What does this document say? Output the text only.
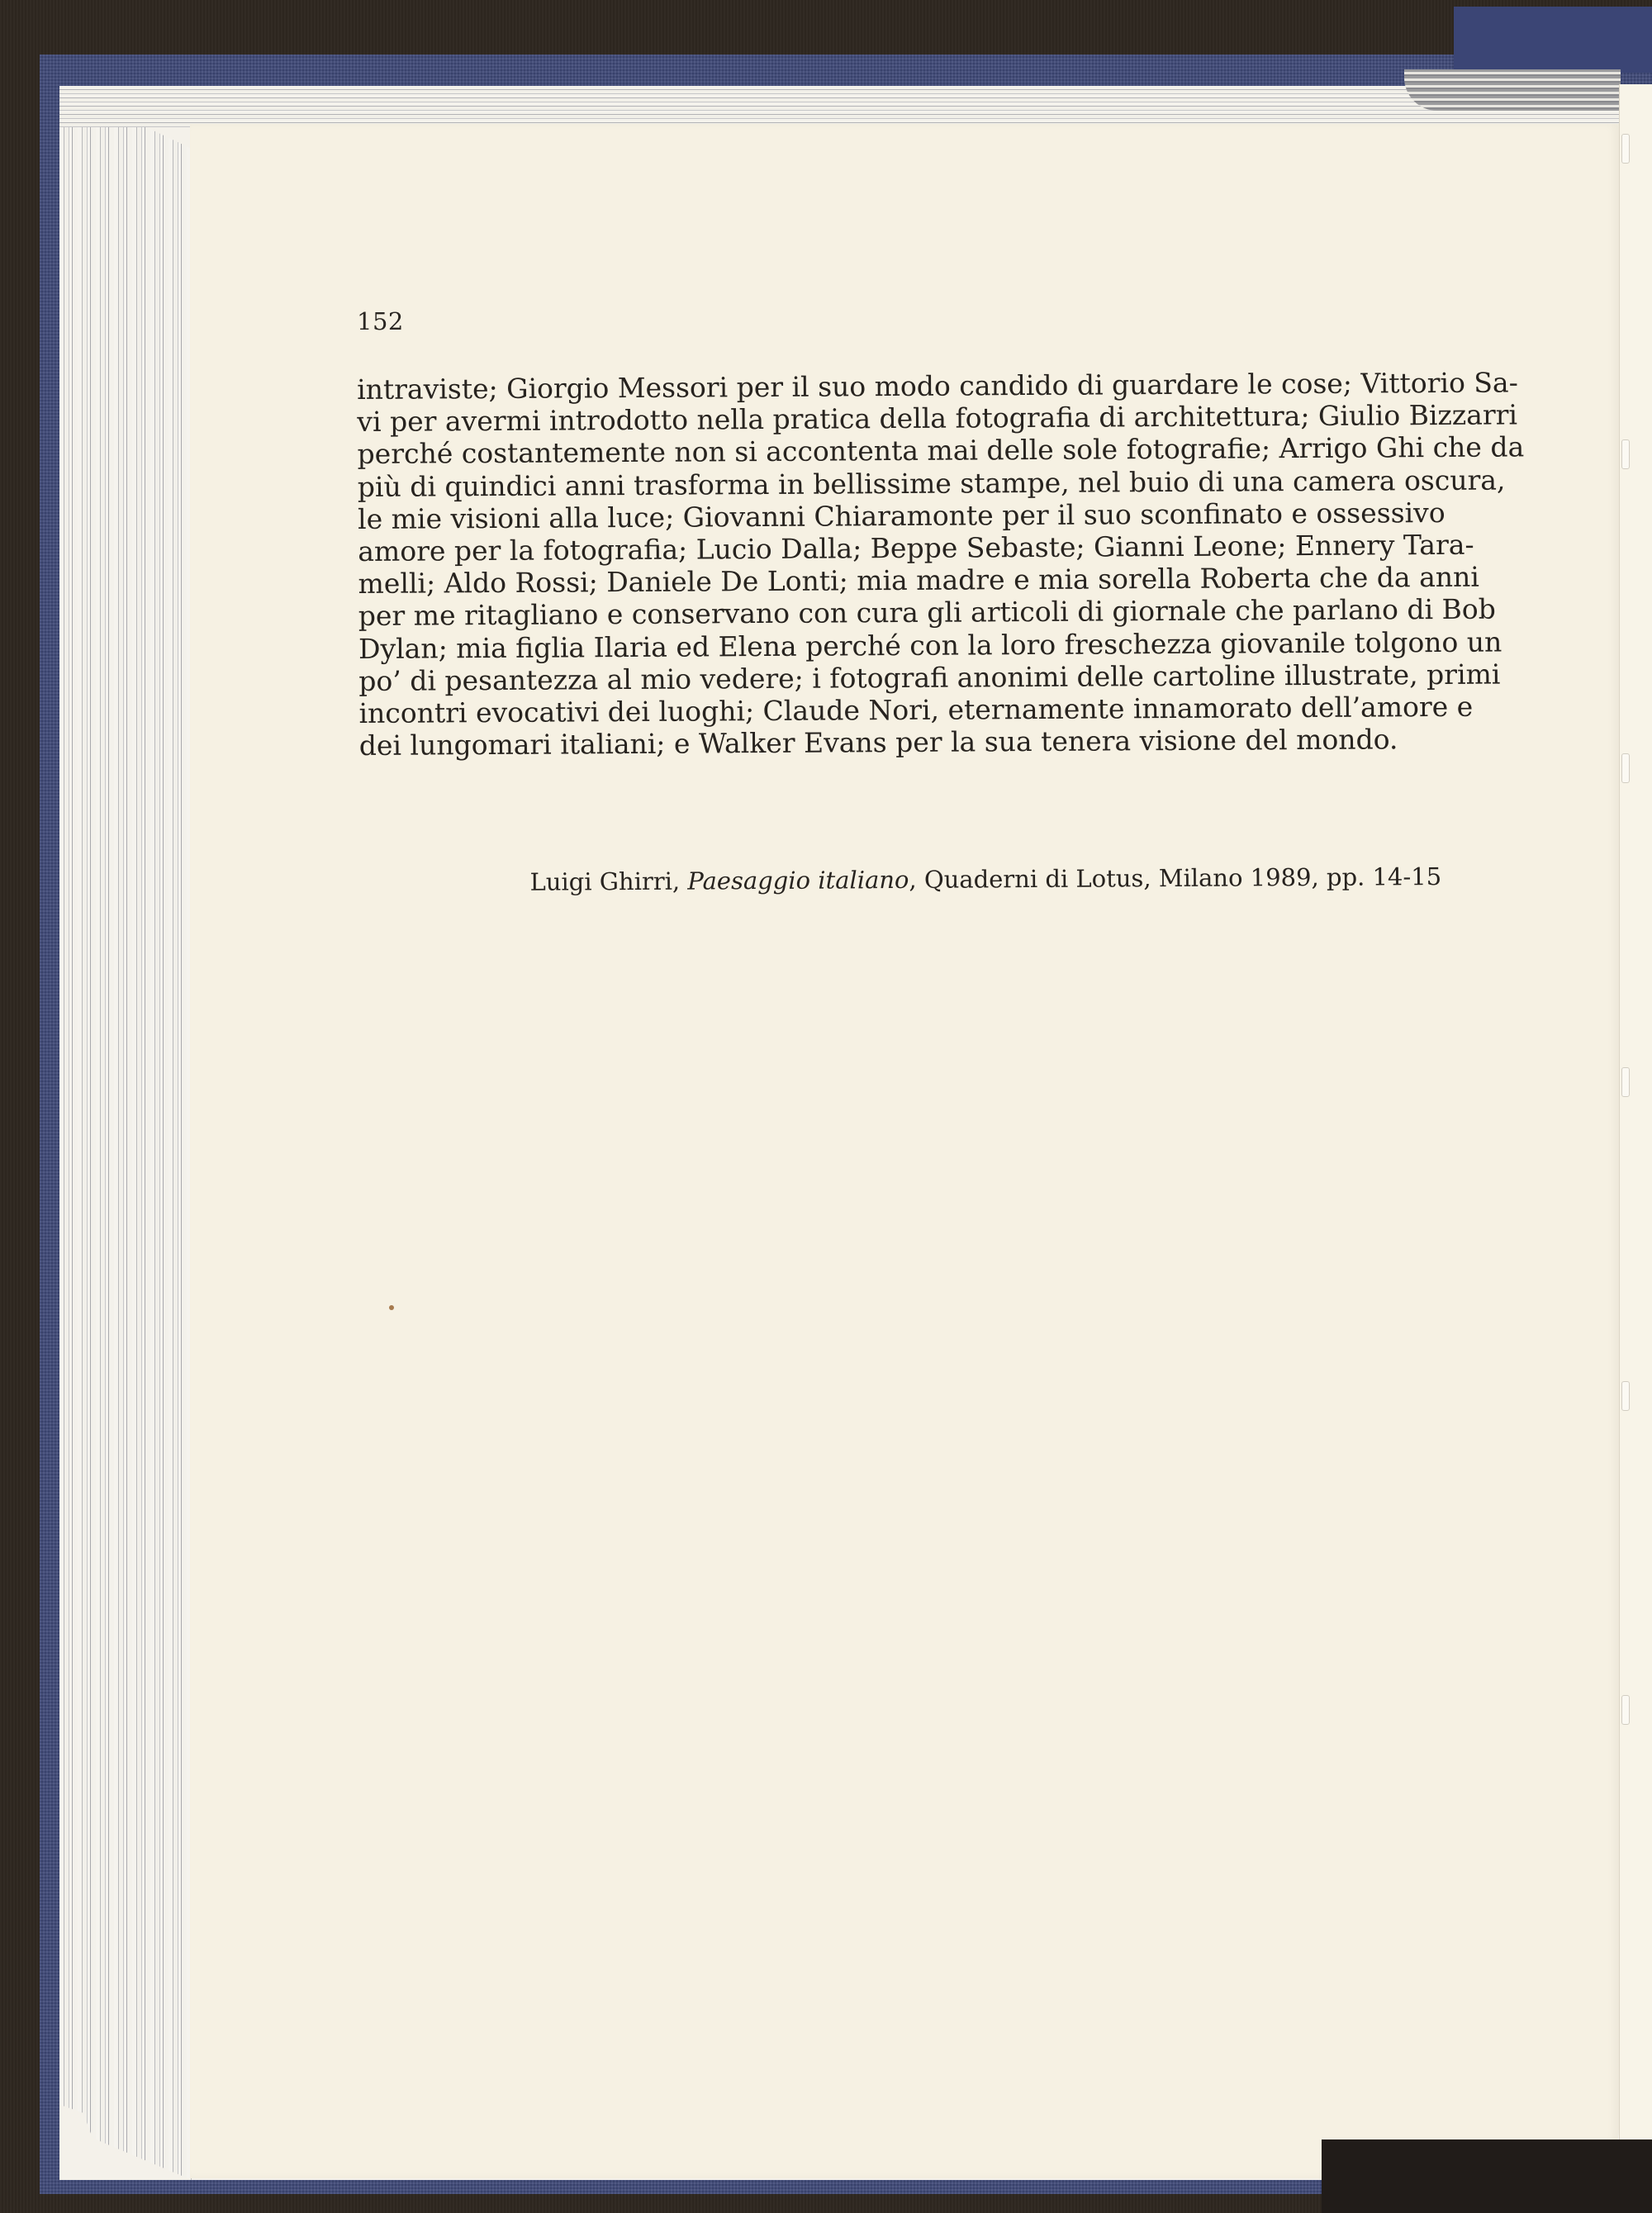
152
intraviste; Giorgio Messori per il suo modo candido di guardare le cose; Vittorio Sa-
vi per avermi introdotto nella pratica della fotografia di architettura; Giulio Bizzarri
perché costantemente non si accontenta mai delle sole fotografie; Arrigo Ghi che da
più di quindici anni trasforma in bellissime stampe, nel buio di una camera oscura,
le mie visioni alla luce; Giovanni Chiaramonte per il suo sconfinato e ossessivo
amore per la fotografia; Lucio Dalla; Beppe Sebaste; Gianni Leone; Ennery Tara-
melli; Aldo Rossi; Daniele De Lonti; mia madre e mia sorella Roberta che da anni
per me ritagliano e conservano con cura gli articoli di giornale che parlano di Bob
Dylan; mia figlia Ilaria ed Elena perché con la loro freschezza giovanile tolgono un
po’ di pesantezza al mio vedere; i fotografi anonimi delle cartoline illustrate, primi
incontri evocativi dei luoghi; Claude Nori, eternamente innamorato dell’amore e
dei lungomari italiani; e Walker Evans per la sua tenera visione del mondo.
Luigi Ghirri, Paesaggio italiano, Quaderni di Lotus, Milano 1989, pp. 14-15
